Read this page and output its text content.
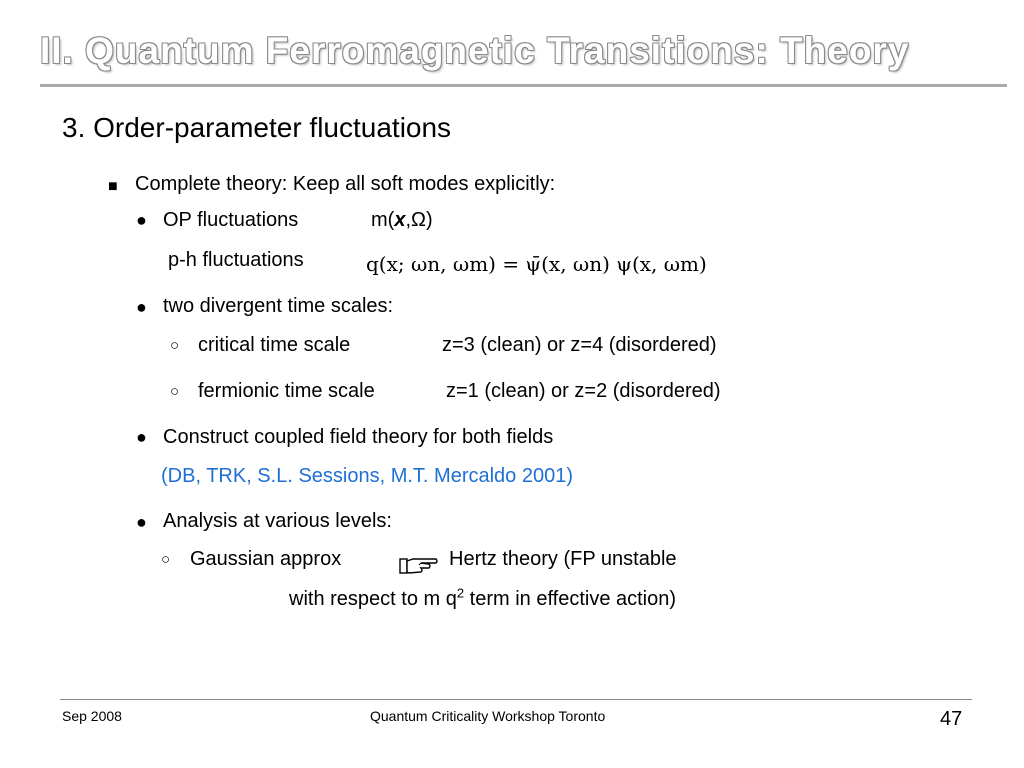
II. Quantum Ferromagnetic Transitions: Theory
3. Order-parameter fluctuations
■ Complete theory: Keep all soft modes explicitly:
● OP fluctuations	m(x,Ω)
p-h fluctuations	q(x; ωn, ωm) = ψ̄(x, ωn) ψ(x, ωm)
● two divergent time scales:
○ critical time scale	z=3 (clean) or z=4 (disordered)
○ fermionic time scale	z=1 (clean) or z=2 (disordered)
● Construct coupled field theory for both fields
(DB, TRK, S.L. Sessions, M.T. Mercaldo 2001)
● Analysis at various levels:
○ Gaussian approx	Hertz theory (FP unstable
with respect to m $q^2$ term in effective action)
Sep 2008	Quantum Criticality Workshop Toronto	47
